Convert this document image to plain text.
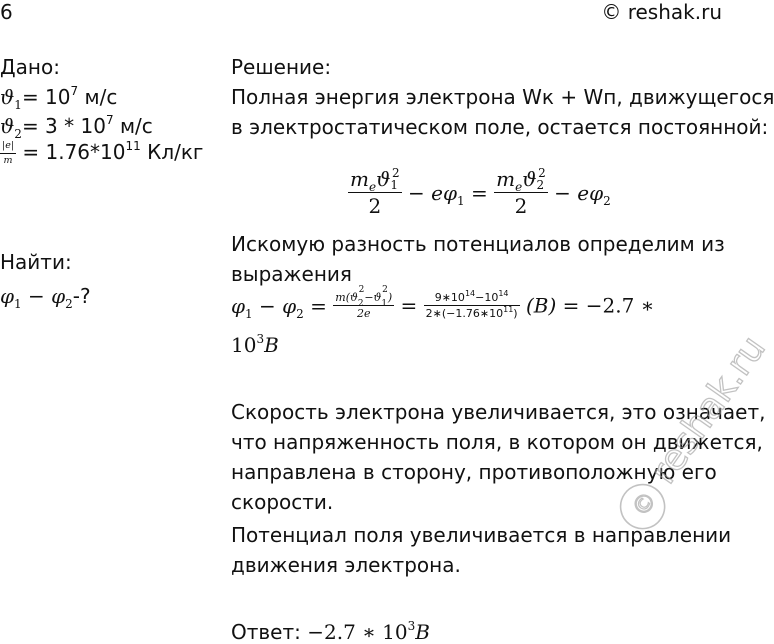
6	© reshak.ru
Дано:
$ϑ_1= 10^7$ м/с
$ϑ_2= 3 * 10^7$ м/с
$\frac{|e|}{m} = 1.76*10^{11}$ Кл/кг
Найти:
$\varphi_1 - \varphi_2-$?
Решение:
Полная энергия электрона Wк + Wп, движущегося
в электростатическом поле, остается постоянной:
$\frac{m_eϑ_1^2}{2} - e\varphi_1 = \frac{m_eϑ_2^2}{2} - e\varphi_2$
Искомую разность потенциалов определим из
выражения
$\varphi_1 - \varphi_2 = \frac{m(ϑ_2^2-ϑ_1^2)}{2e} = \frac{9∗10^{14}-10^{14}}{2∗(-1.76∗10^{11})} (B) = -2.7$ ∗
$10^3B$
Скорость электрона увеличивается, это означает,
что напряженность поля, в котором он движется,
направлена в сторону, противоположную его
скорости.
Потенциал поля увеличивается в направлении
движения электрона.
Ответ: −2.7 ∗ $10^3B$
©
reshak.ru
